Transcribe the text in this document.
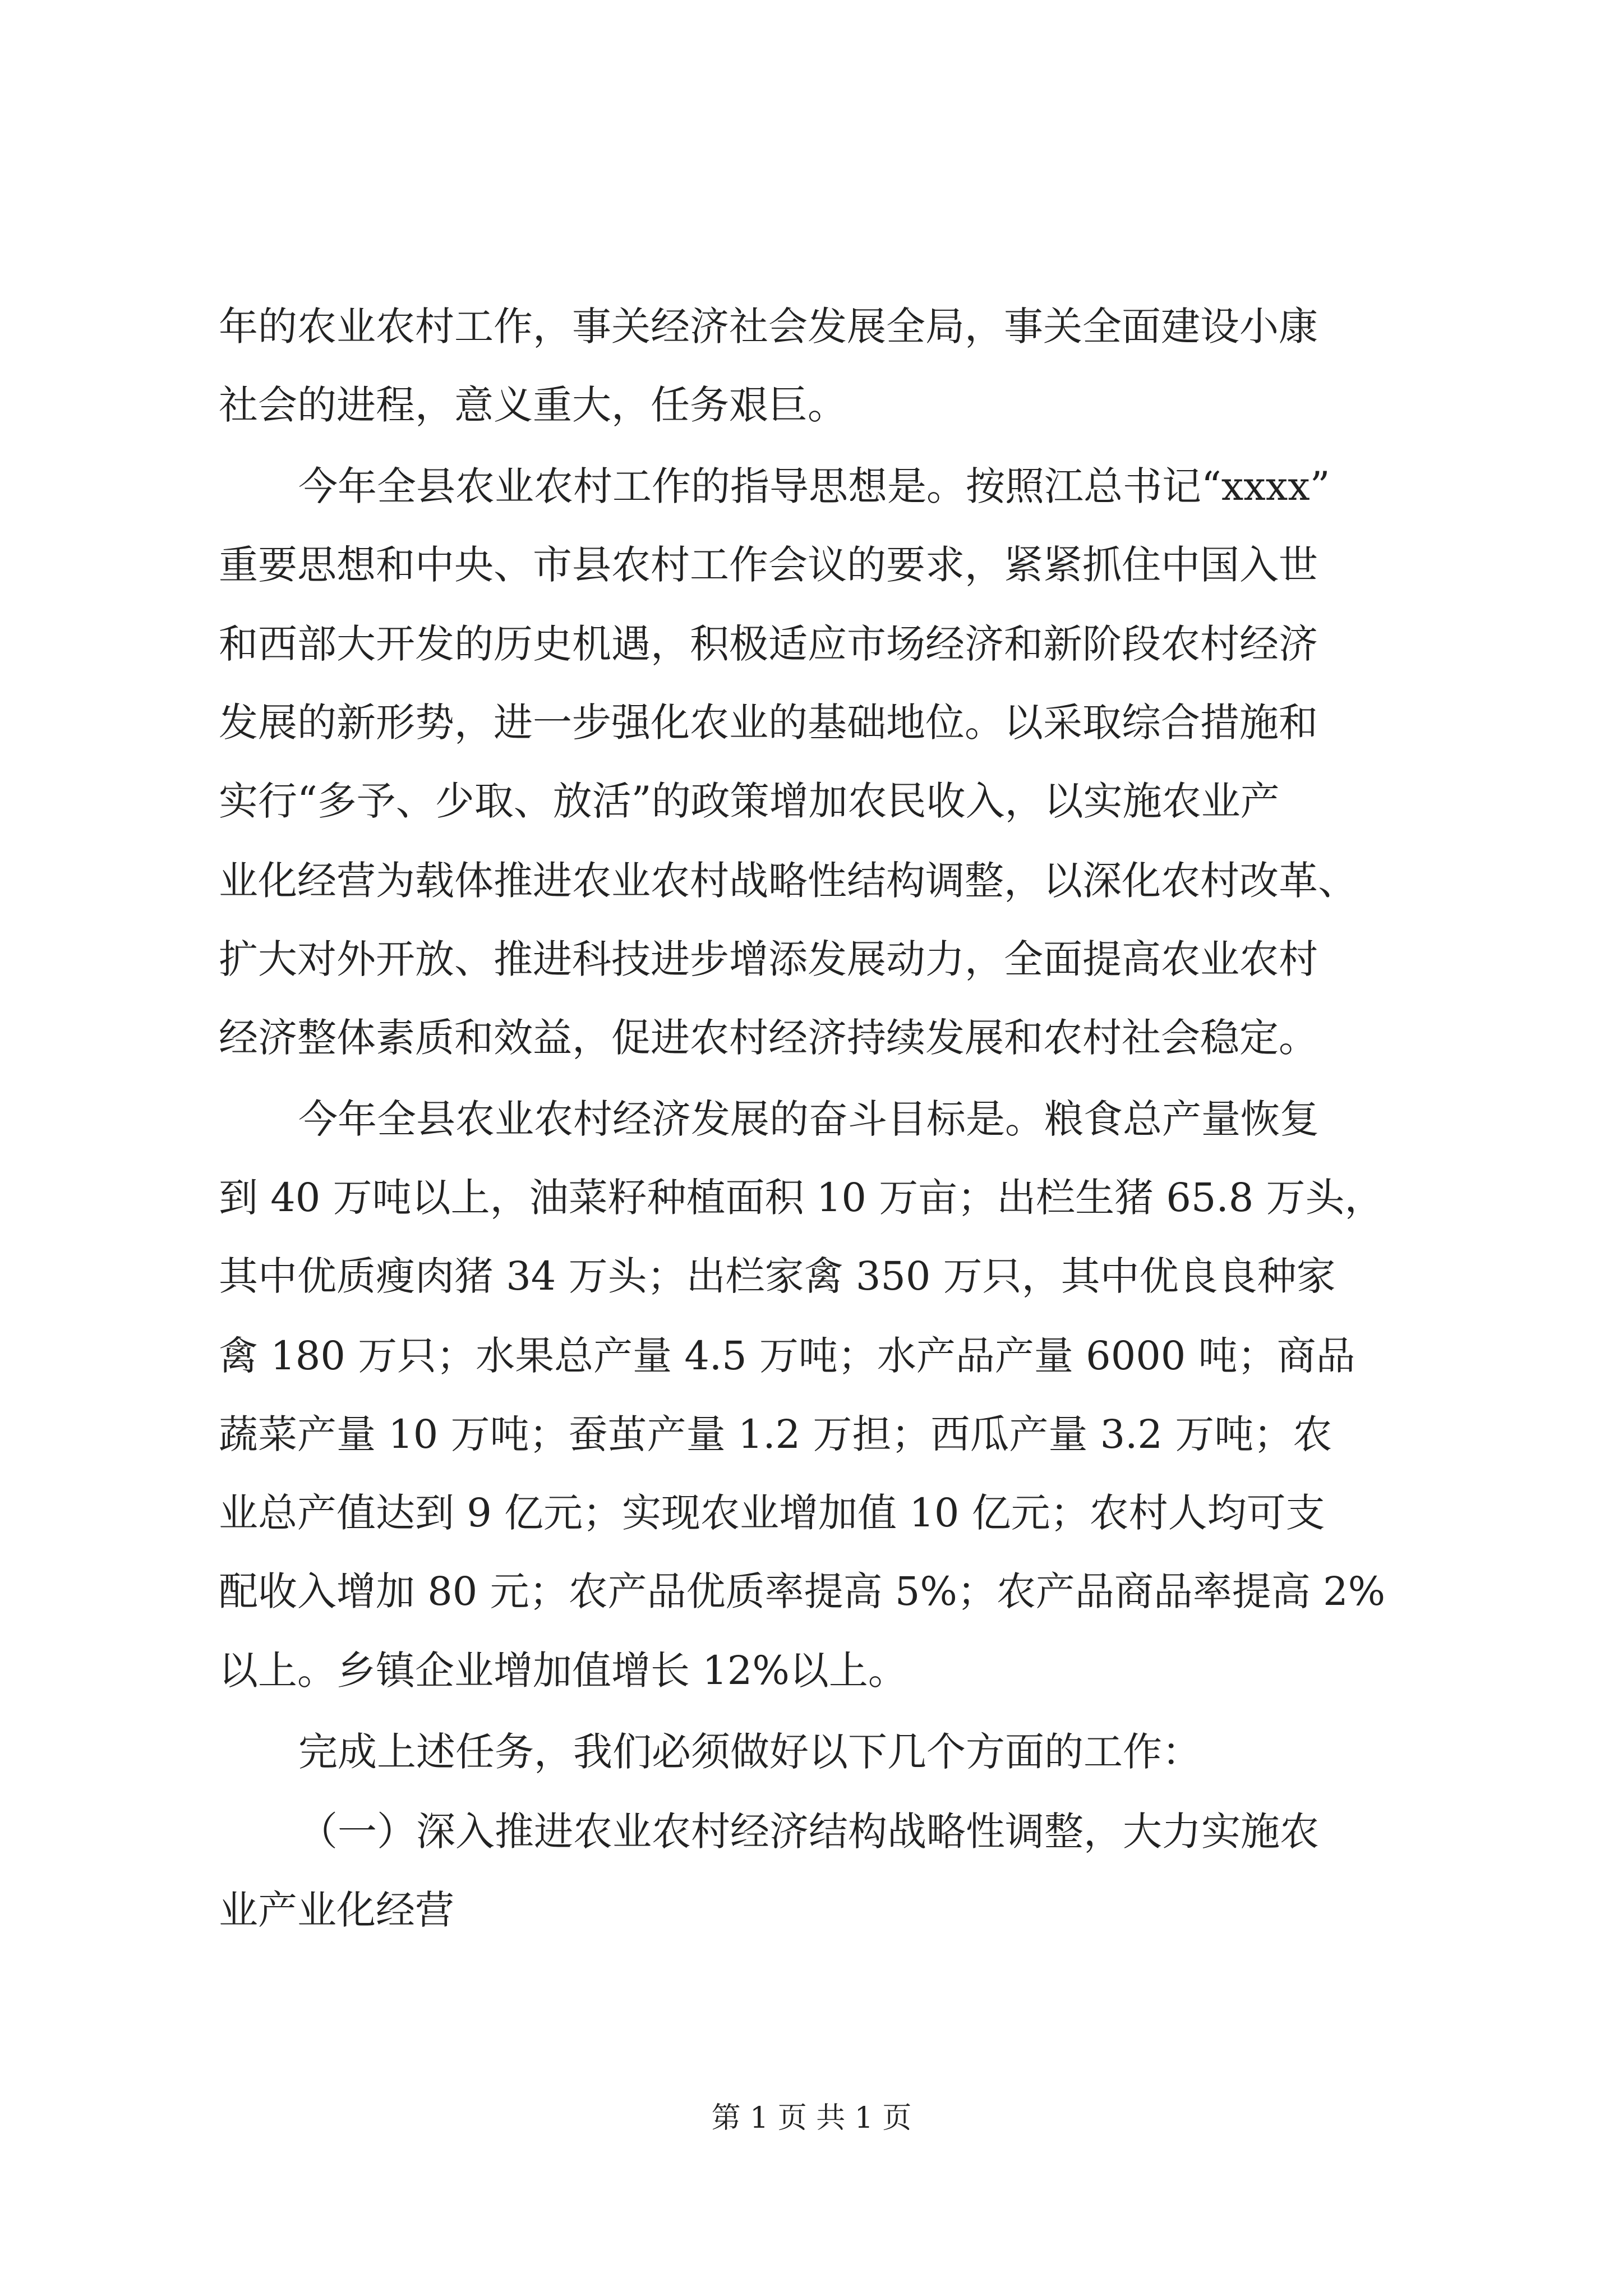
年的农业农村工作，事关经济社会发展全局，事关全面建设小康
社会的进程，意义重大，任务艰巨。
今年全县农业农村工作的指导思想是。按照江总书记“xxxx”
重要思想和中央、市县农村工作会议的要求，紧紧抓住中国入世
和西部大开发的历史机遇，积极适应市场经济和新阶段农村经济
发展的新形势，进一步强化农业的基础地位。以采取综合措施和
实行“多予、少取、放活”的政策增加农民收入，以实施农业产
业化经营为载体推进农业农村战略性结构调整，以深化农村改革、
扩大对外开放、推进科技进步增添发展动力，全面提高农业农村
经济整体素质和效益，促进农村经济持续发展和农村社会稳定。
今年全县农业农村经济发展的奋斗目标是。粮食总产量恢复
到 40 万吨以上，油菜籽种植面积 10 万亩；出栏生猪 65.8 万头，
其中优质瘦肉猪 34 万头；出栏家禽 350 万只，其中优良良种家
禽 180 万只；水果总产量 4.5 万吨；水产品产量 6000 吨；商品
蔬菜产量 10 万吨；蚕茧产量 1.2 万担；西瓜产量 3.2 万吨；农
业总产值达到 9 亿元；实现农业增加值 10 亿元；农村人均可支
配收入增加 80 元；农产品优质率提高 5%；农产品商品率提高 2%
以上。乡镇企业增加值增长 12%以上。
完成上述任务，我们必须做好以下几个方面的工作：
（一）深入推进农业农村经济结构战略性调整，大力实施农
业产业化经营
第 1 页 共 1 页
